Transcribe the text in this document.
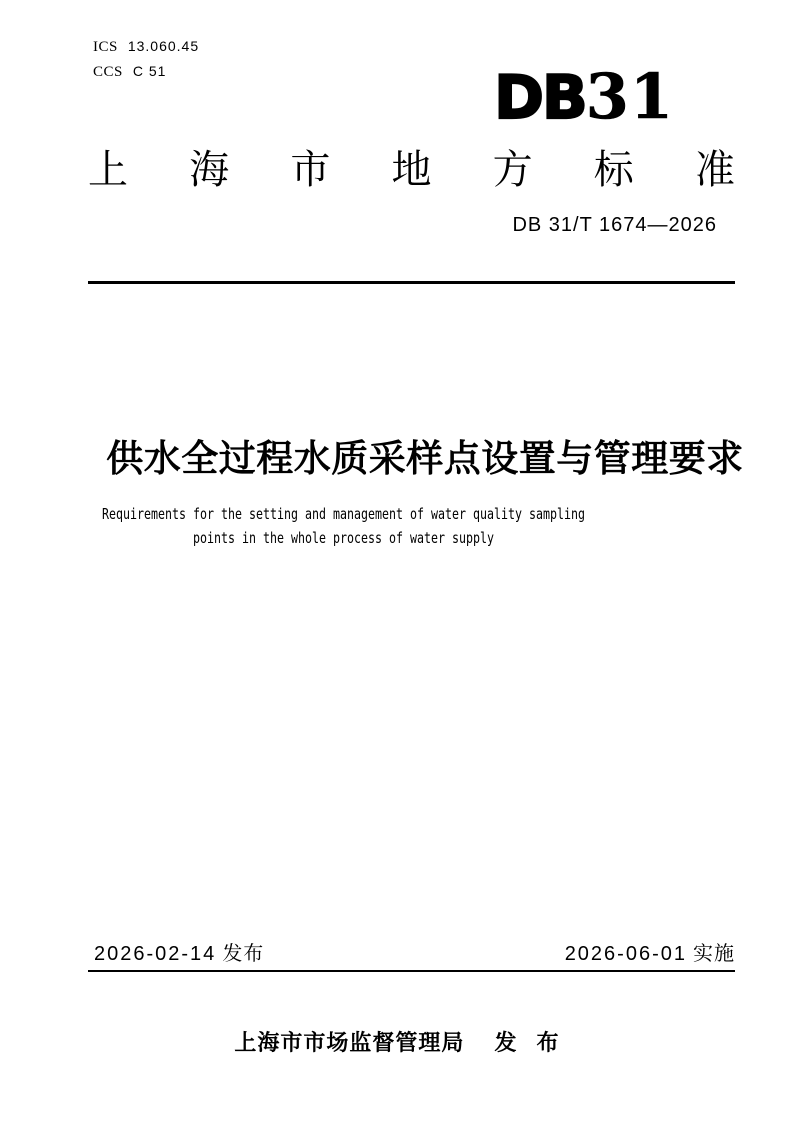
ICS 13.060.45
CCS C 51	DB31
上 海 市 地 方 标 准
DB 31/T 1674—2026
供水全过程水质采样点设置与管理要求
Requirements for the setting and management of water quality sampling
points in the whole process of water supply
2026-02-14 发布	2026-06-01 实施
上海市市场监督管理局 发 布
